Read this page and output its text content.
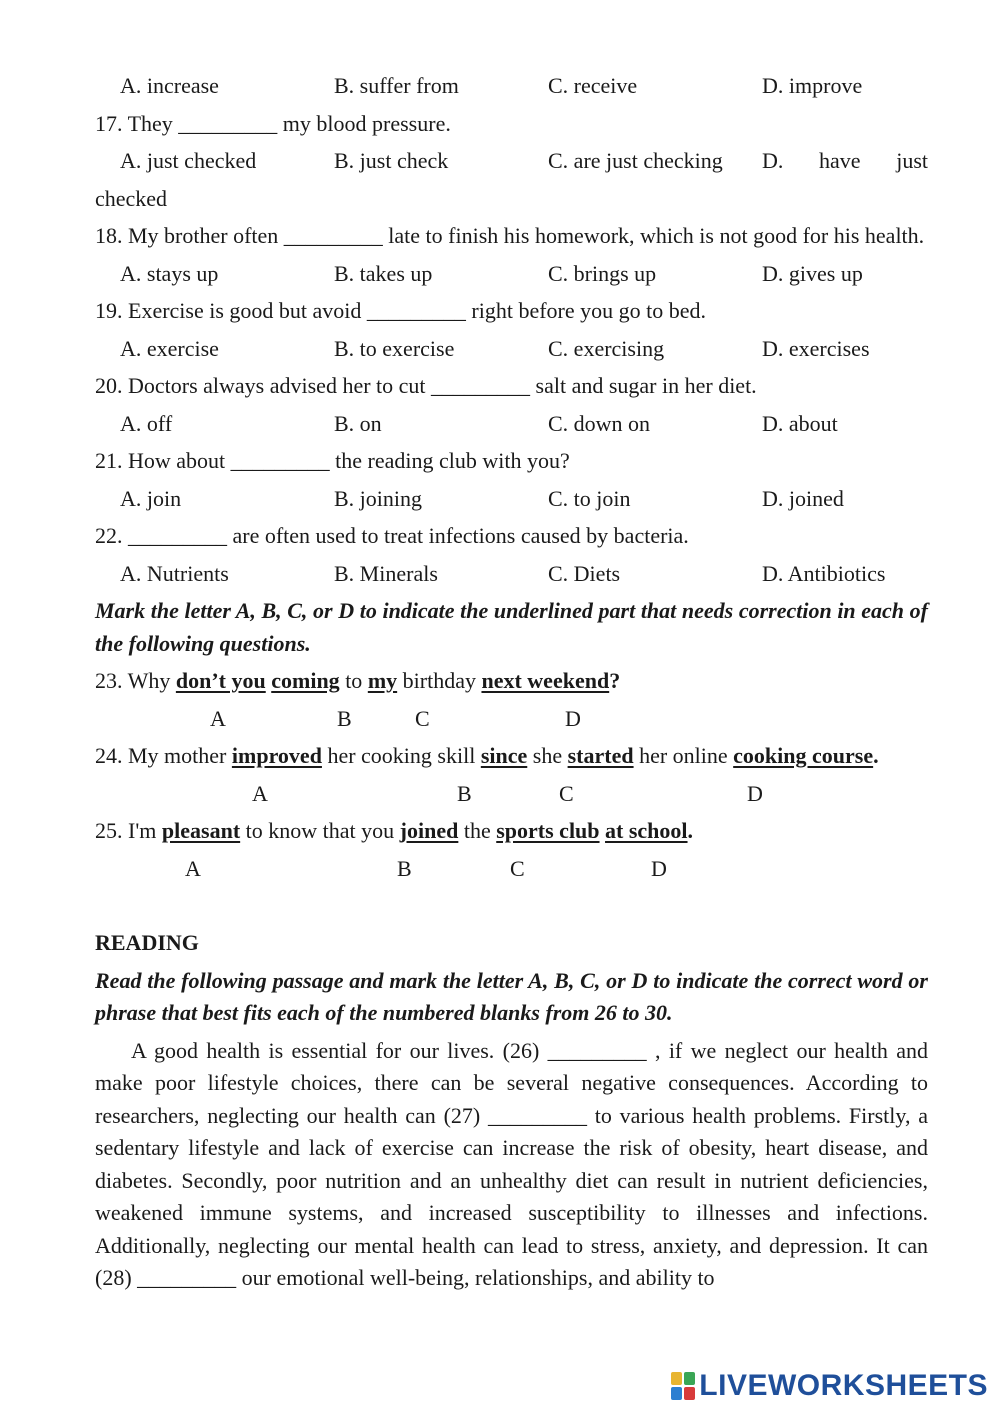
A. increase	B. suffer from	C. receive	D. improve
17. They _________ my blood pressure.
A. just checked	B. just check	C. are just checking D. have just
checked
18. My brother often _________ late to finish his homework, which is not good for his health.
A. stays up	B. takes up	C. brings up	D. gives up
19. Exercise is good but avoid _________ right before you go to bed.
A. exercise	B. to exercise	C. exercising	D. exercises
20. Doctors always advised her to cut _________ salt and sugar in her diet.
A. off	B. on	C. down on	D. about
21. How about _________ the reading club with you?
A. join	B. joining	C. to join	D. joined
22. _________ are often used to treat infections caused by bacteria.
A. Nutrients	B. Minerals	C. Diets	D. Antibiotics
Mark the letter A, B, C, or D to indicate the underlined part that needs correction in each of the following questions.
23. Why don’t you coming to my birthday next weekend?
A	B	C	D
24. My mother improved her cooking skill since she started her online cooking course.
A	B	C	D
25. I'm pleasant to know that you joined the sports club at school.
A	B	C	D
READING
Read the following passage and mark the letter A, B, C, or D to indicate the correct word or phrase that best fits each of the numbered blanks from 26 to 30.
A good health is essential for our lives. (26) _________ , if we neglect our health and make poor lifestyle choices, there can be several negative consequences. According to researchers, neglecting our health can (27) _________ to various health problems. Firstly, a sedentary lifestyle and lack of exercise can increase the risk of obesity, heart disease, and diabetes. Secondly, poor nutrition and an unhealthy diet can result in nutrient deficiencies, weakened immune systems, and increased susceptibility to illnesses and infections. Additionally, neglecting our mental health can lead to stress, anxiety, and depression. It can (28) _________ our emotional well-being, relationships, and ability to
LIVEWORKSHEETS
